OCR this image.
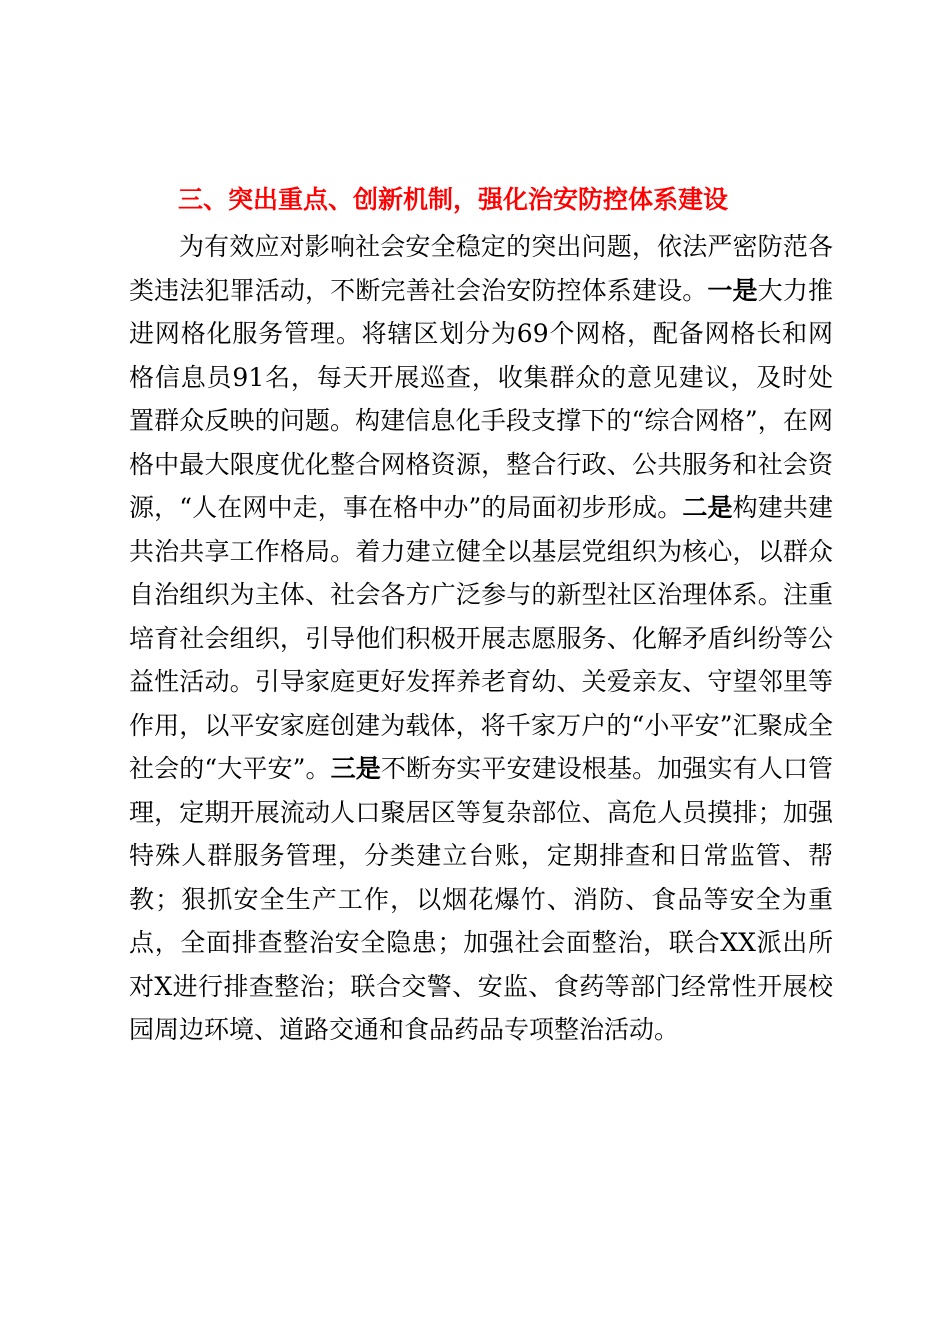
三、突出重点、创新机制，强化治安防控体系建设

为有效应对影响社会安全稳定的突出问题，依法严密防范各类违法犯罪活动，不断完善社会治安防控体系建设。一是大力推进网格化服务管理。将辖区划分为69个网格，配备网格长和网格信息员91名，每天开展巡查，收集群众的意见建议，及时处置群众反映的问题。构建信息化手段支撑下的“综合网格”，在网格中最大限度优化整合网格资源，整合行政、公共服务和社会资源，“人在网中走，事在格中办”的局面初步形成。二是构建共建共治共享工作格局。着力建立健全以基层党组织为核心，以群众自治组织为主体、社会各方广泛参与的新型社区治理体系。注重培育社会组织，引导他们积极开展志愿服务、化解矛盾纠纷等公益性活动。引导家庭更好发挥养老育幼、关爱亲友、守望邻里等作用，以平安家庭创建为载体，将千家万户的“小平安”汇聚成全社会的“大平安”。三是不断夯实平安建设根基。加强实有人口管理，定期开展流动人口聚居区等复杂部位、高危人员摸排；加强特殊人群服务管理，分类建立台账，定期排查和日常监管、帮教；狠抓安全生产工作，以烟花爆竹、消防、食品等安全为重点，全面排查整治安全隐患；加强社会面整治，联合XX派出所对X进行排查整治；联合交警、安监、食药等部门经常性开展校园周边环境、道路交通和食品药品专项整治活动。
